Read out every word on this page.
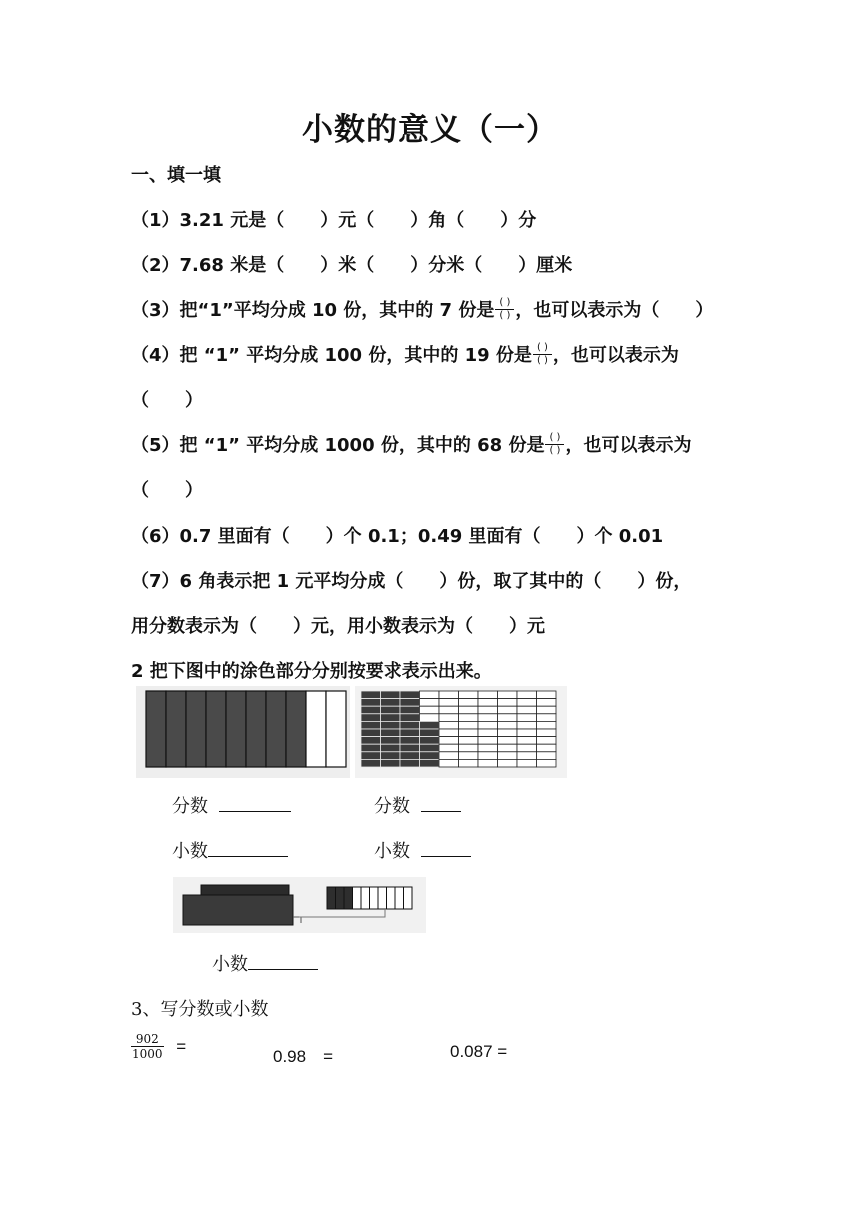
小数的意义（一）
一、填一填
（1）3.21 元是（　　）元（　　）角（　　）分
（2）7.68 米是（　　）米（　　）分米（　　）厘米
（3）把“1”平均分成 10 份，其中的 7 份是 $\frac{( )}{( )}$ ，也可以表示为（　　）
（4）把 “1” 平均分成 100 份，其中的 19 份是 $\frac{( )}{( )}$ ，也可以表示为
（　　）
（5）把 “1” 平均分成 1000 份，其中的 68 份是 $\frac{( )}{( )}$ ，也可以表示为
（　　）
（6）0.7 里面有（　　）个 0.1；0.49 里面有（　　）个 0.01
（7）6 角表示把 1 元平均分成（　　）份，取了其中的（　　）份，
用分数表示为（　　）元，用小数表示为（　　）元
2 把下图中的涂色部分分别按要求表示出来。
分数	分数
小数	小数
小数
3、写分数或小数
$\frac{902}{1000}$ =
0.98　=	0.087 =
